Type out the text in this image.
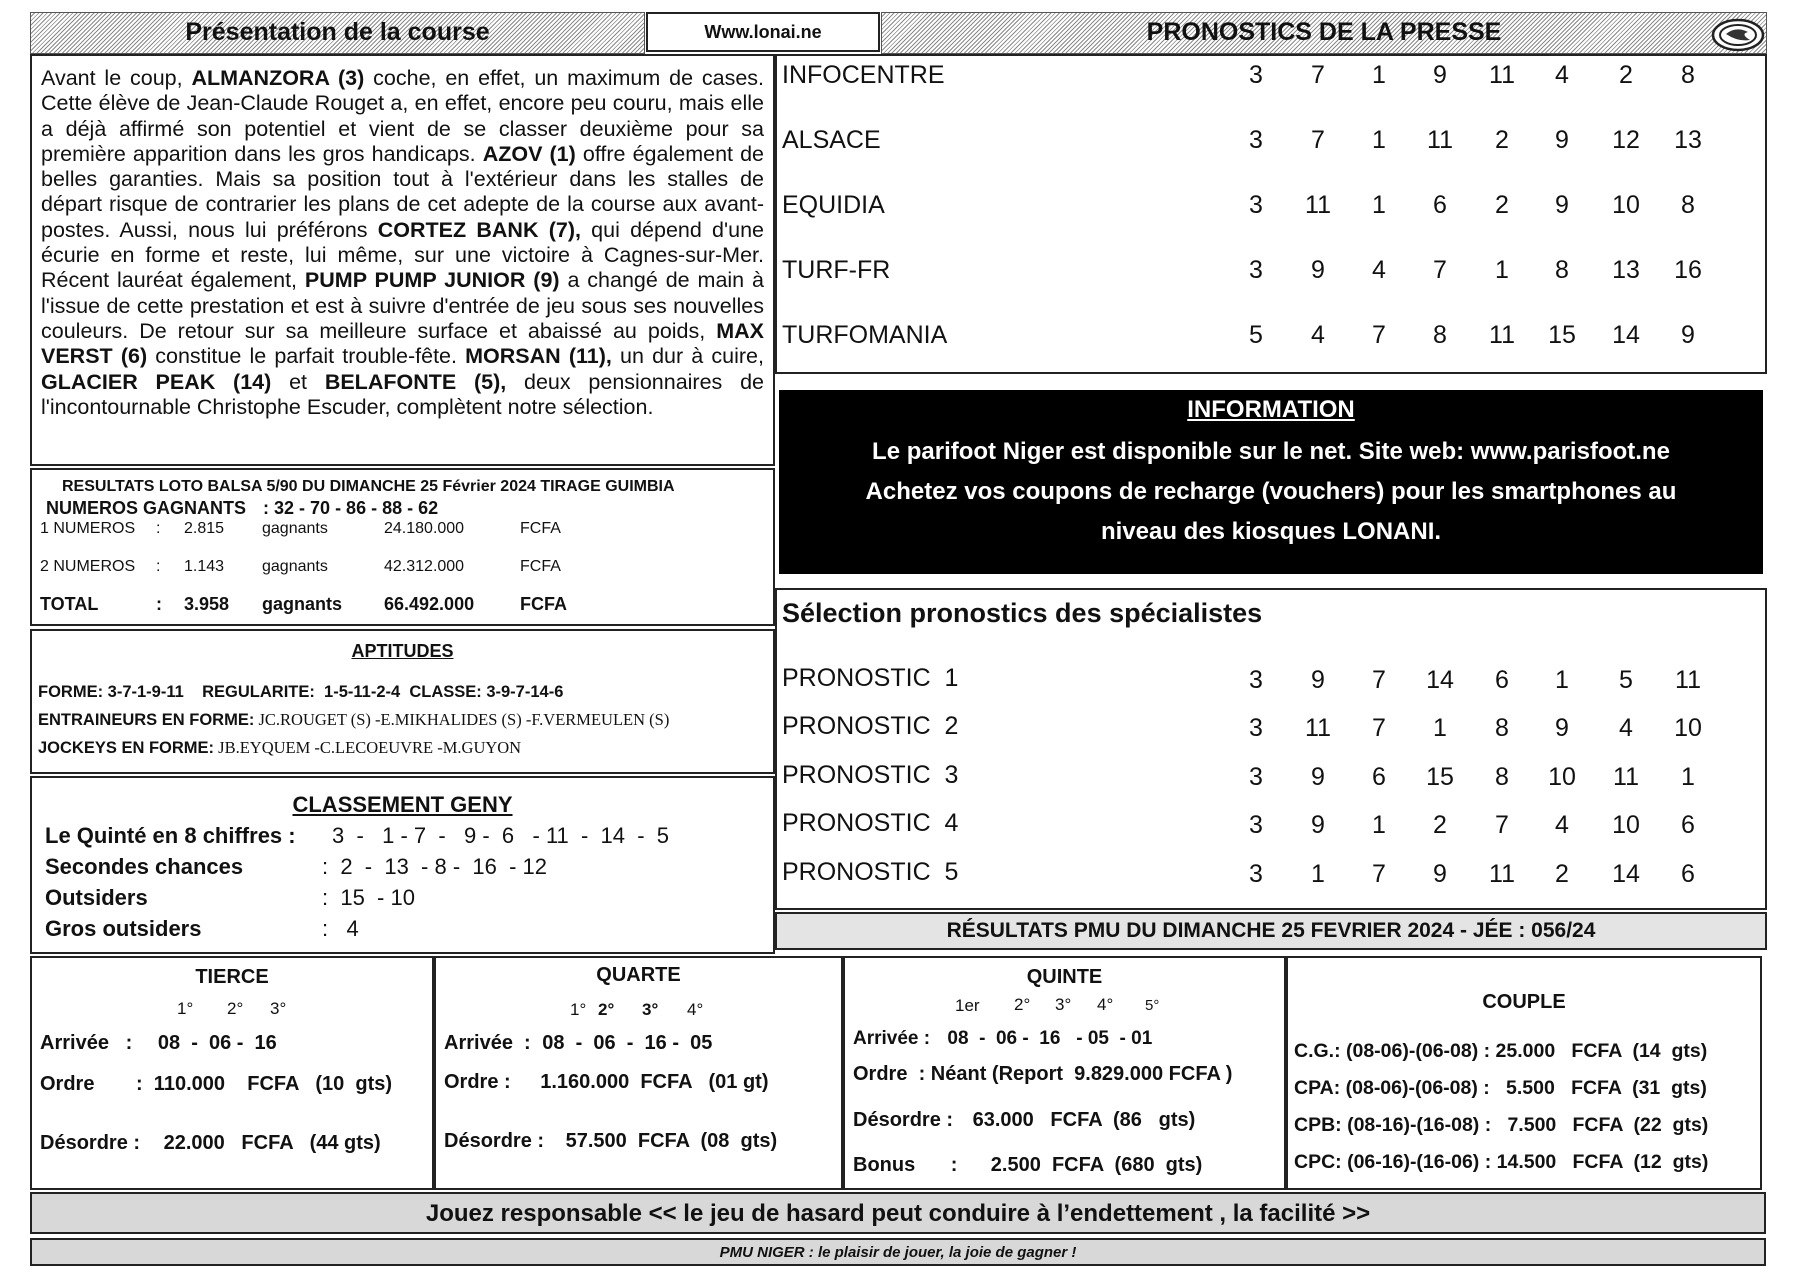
Présentation de la course	Www.lonai.ne	PRONOSTICS DE LA PRESSE
Avant le coup, ALMANZORA (3) coche, en effet, un maximum de cases. Cette élève de Jean-Claude Rouget a, en effet, encore peu couru, mais elle a déjà affirmé son potentiel et vient de se classer deuxième pour sa première apparition dans les gros handicaps. AZOV (1) offre également de belles garanties. Mais sa position tout à l'extérieur dans les stalles de départ risque de contrarier les plans de cet adepte de la course aux avant-postes. Aussi, nous lui préférons CORTEZ BANK (7), qui dépend d'une écurie en forme et reste, lui même, sur une victoire à Cagnes-sur-Mer. Récent lauréat également, PUMP PUMP JUNIOR (9) a changé de main à l'issue de cette prestation et est à suivre d'entrée de jeu sous ses nouvelles couleurs. De retour sur sa meilleure surface et abaissé au poids, MAX VERST (6) constitue le parfait trouble-fête. MORSAN (11), un dur à cuire, GLACIER PEAK (14) et BELAFONTE (5), deux pensionnaires de l'incontournable Christophe Escuder, complètent notre sélection.
INFOCENTRE	3	7	1	9	11	4	2	8
ALSACE	3	7	1	11	2	9	12	13
EQUIDIA	3	11	1	6	2	9	10	8
TURF-FR	3	9	4	7	1	8	13	16
TURFOMANIA	5	4	7	8	11	15	14	9
RESULTATS LOTO BALSA 5/90 DU DIMANCHE 25 Février 2024 TIRAGE GUIMBIA
NUMEROS GAGNANTS : 32 - 70 - 86 - 88 - 62
1 NUMEROS : 2.815 gagnants	24.180.000	FCFA
2 NUMEROS : 1.143 gagnants	42.312.000	FCFA
TOTAL	: 3.958 gagnants 66.492.000	FCFA
APTITUDES
FORME: 3-7-1-9-11    REGULARITE:  1-5-11-2-4  CLASSE: 3-9-7-14-6
ENTRAINEURS EN FORME: JC.ROUGET (S) -E.MIKHALIDES (S) -F.VERMEULEN (S)
JOCKEYS EN FORME: JB.EYQUEM -C.LECOEUVRE -M.GUYON
CLASSEMENT GENY
Le Quinté en 8 chiffres : 3  -   1 - 7  -   9 -  6   - 11  -  14  -  5
Secondes chances	:  2  -  13  - 8 -  16  - 12
Outsiders	:  15  - 10
Gros outsiders	:   4
INFORMATION
Le parifoot Niger est disponible sur le net. Site web: www.parisfoot.ne
Achetez vos coupons de recharge (vouchers) pour les smartphones au
niveau des kiosques LONANI.
Sélection pronostics des spécialistes
PRONOSTIC  1	3	9	7	14	6	1	5	11
PRONOSTIC  2	3	11	7	1	8	9	4	10
PRONOSTIC  3	3	9	6	15	8	10	11	1
PRONOSTIC  4	3	9	1	2	7	4	10	6
PRONOSTIC  5	3	1	7	9	11	2	14	6
RÉSULTATS PMU DU DIMANCHE 25 FEVRIER 2024 - JÉE : 056/24
TIERCE
1° 2° 3°
Arrivée   : 08  -  06 -  16
Ordre :  110.000    FCFA   (10  gts)
Désordre : 22.000   FCFA   (44 gts)
QUARTE
1° 2° 3° 4°
Arrivée  : 08  -  06  -  16 -  05
Ordre : 1.160.000  FCFA   (01 gt)
Désordre : 57.500  FCFA  (08  gts)
QUINTE
1er 2° 3° 4° 5°
Arrivée : 08  -  06 -  16   - 05  - 01
Ordre  : Néant (Report  9.829.000 FCFA )
Désordre : 63.000   FCFA  (86   gts)
Bonus :      2.500  FCFA  (680  gts)
COUPLE
C.G.: (08-06)-(06-08) : 25.000   FCFA  (14  gts)
CPA: (08-06)-(06-08) :   5.500   FCFA  (31  gts)
CPB: (08-16)-(16-08) :   7.500   FCFA  (22  gts)
CPC: (06-16)-(16-06) : 14.500   FCFA  (12  gts)
Jouez responsable << le jeu de hasard peut conduire à l’endettement , la facilité >>
PMU NIGER : le plaisir de jouer, la joie de gagner !
